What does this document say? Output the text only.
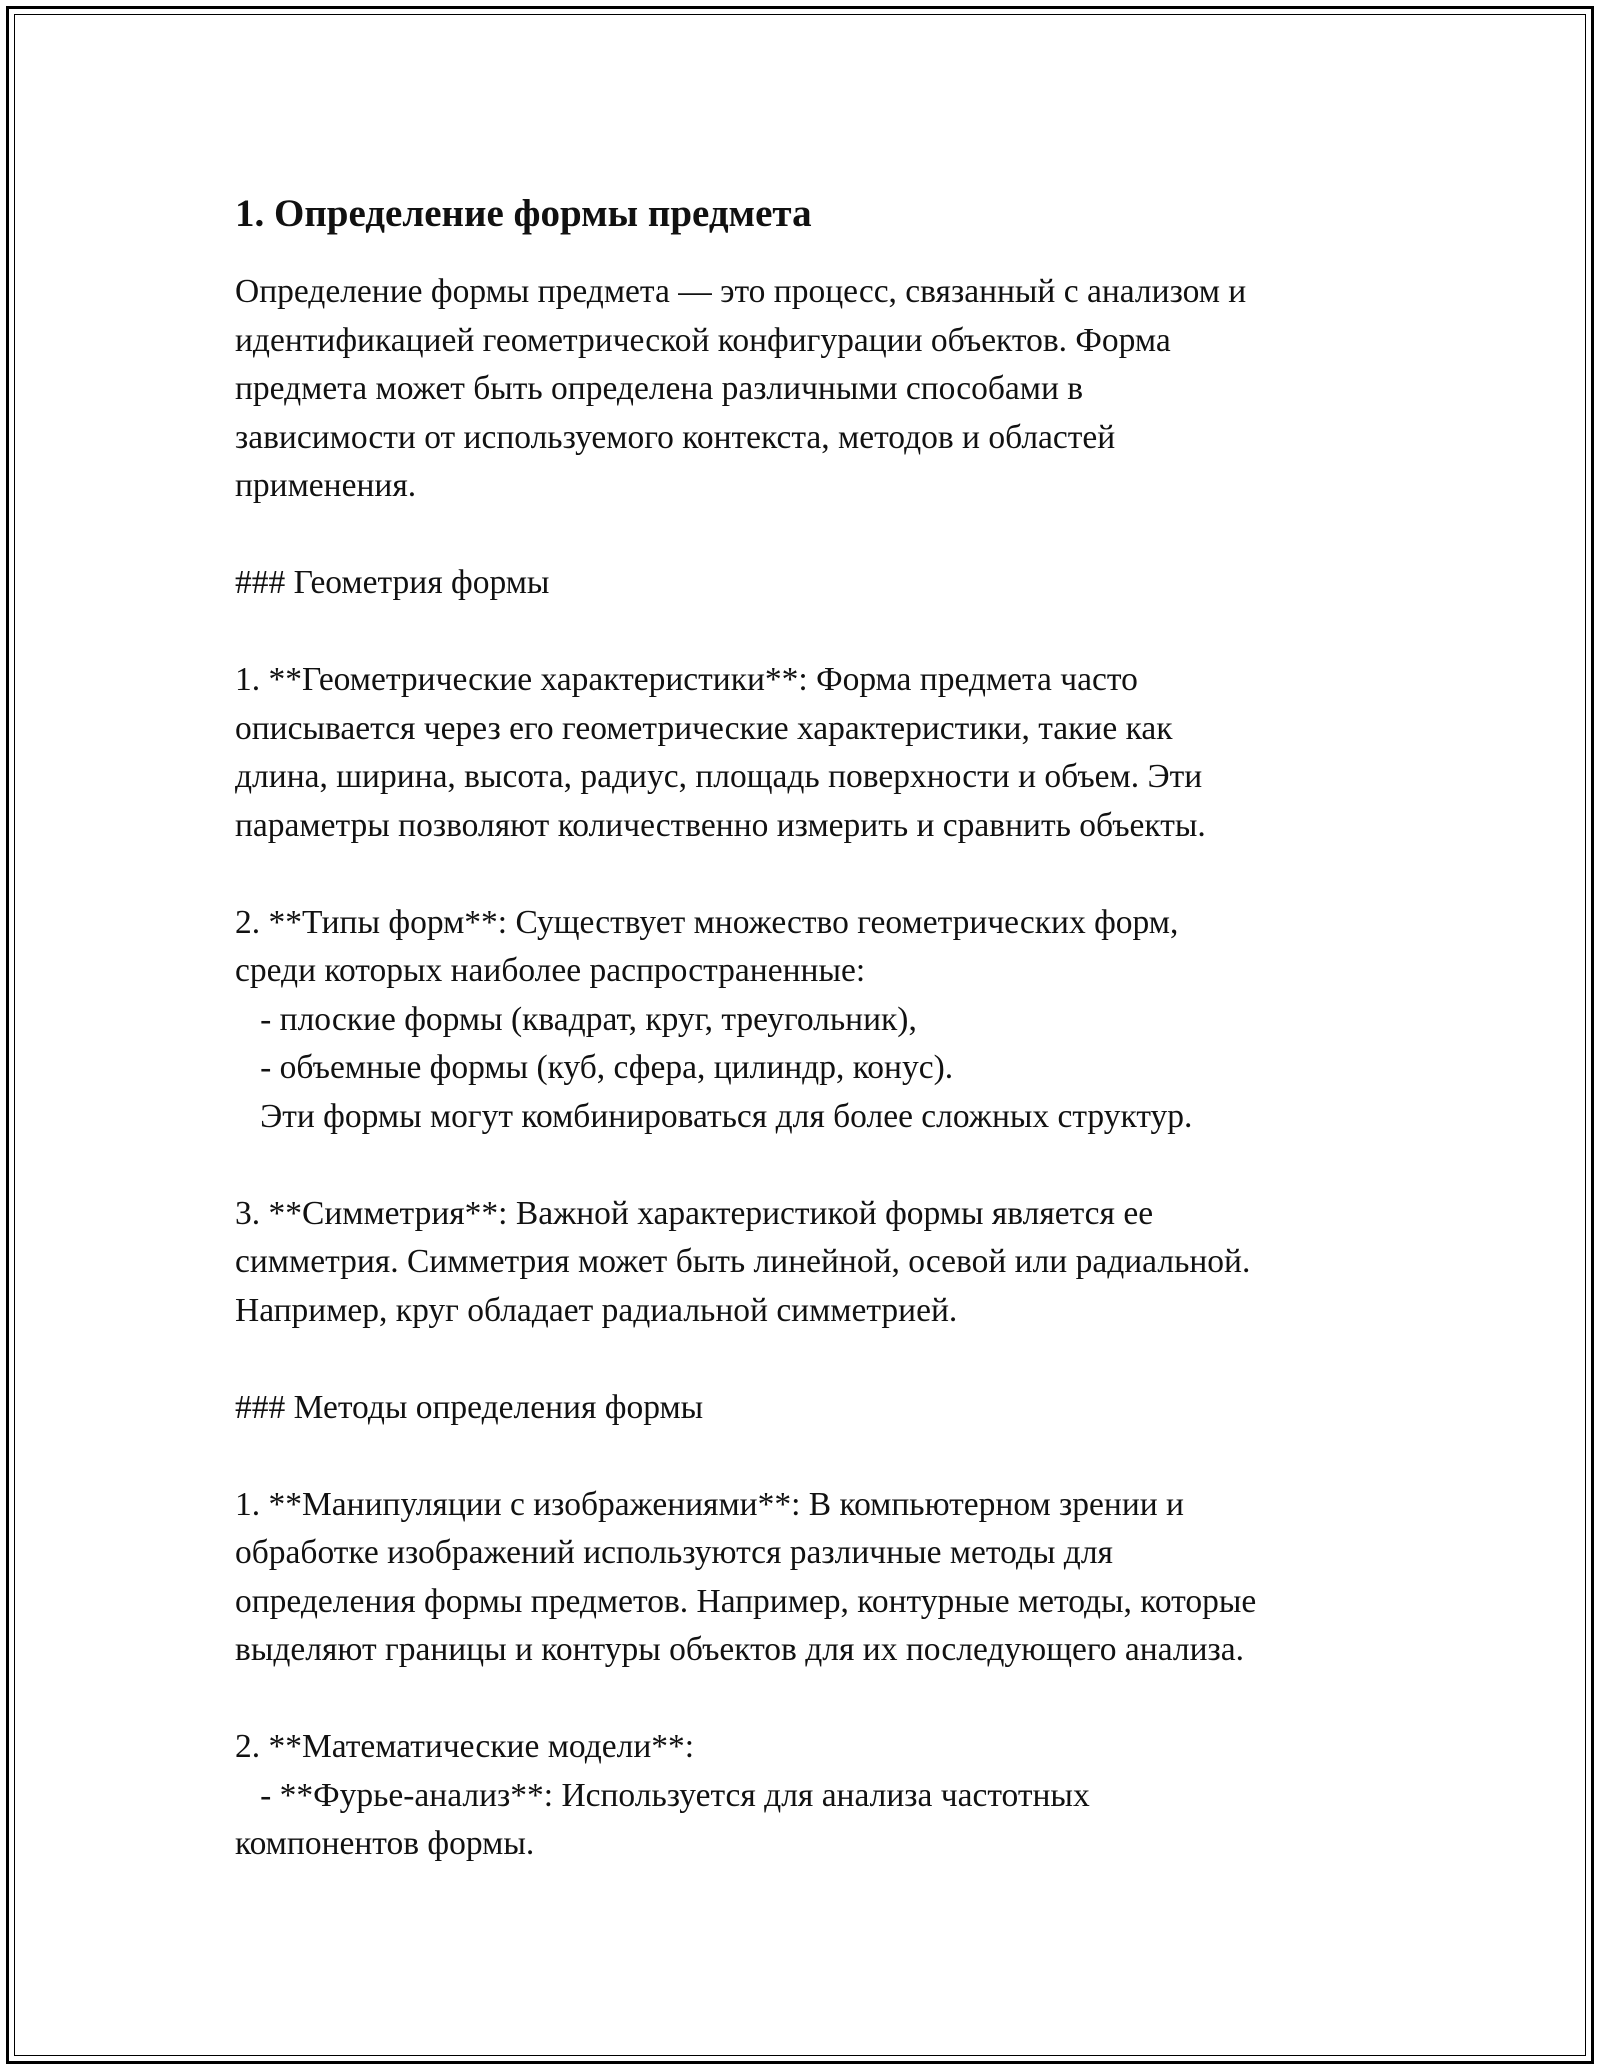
1. Определение формы предмета

Определение формы предмета — это процесс, связанный с анализом и
идентификацией геометрической конфигурации объектов. Форма
предмета может быть определена различными способами в
зависимости от используемого контекста, методов и областей
применения.

### Геометрия формы

1. **Геометрические характеристики**: Форма предмета часто
описывается через его геометрические характеристики, такие как
длина, ширина, высота, радиус, площадь поверхности и объем. Эти
параметры позволяют количественно измерить и сравнить объекты.

2. **Типы форм**: Существует множество геометрических форм,
среди которых наиболее распространенные:
- плоские формы (квадрат, круг, треугольник),
- объемные формы (куб, сфера, цилиндр, конус).
Эти формы могут комбинироваться для более сложных структур.

3. **Симметрия**: Важной характеристикой формы является ее
симметрия. Симметрия может быть линейной, осевой или радиальной.
Например, круг обладает радиальной симметрией.

### Методы определения формы

1. **Манипуляции с изображениями**: В компьютерном зрении и
обработке изображений используются различные методы для
определения формы предметов. Например, контурные методы, которые
выделяют границы и контуры объектов для их последующего анализа.

2. **Математические модели**:
- **Фурье-анализ**: Используется для анализа частотных
компонентов формы.
